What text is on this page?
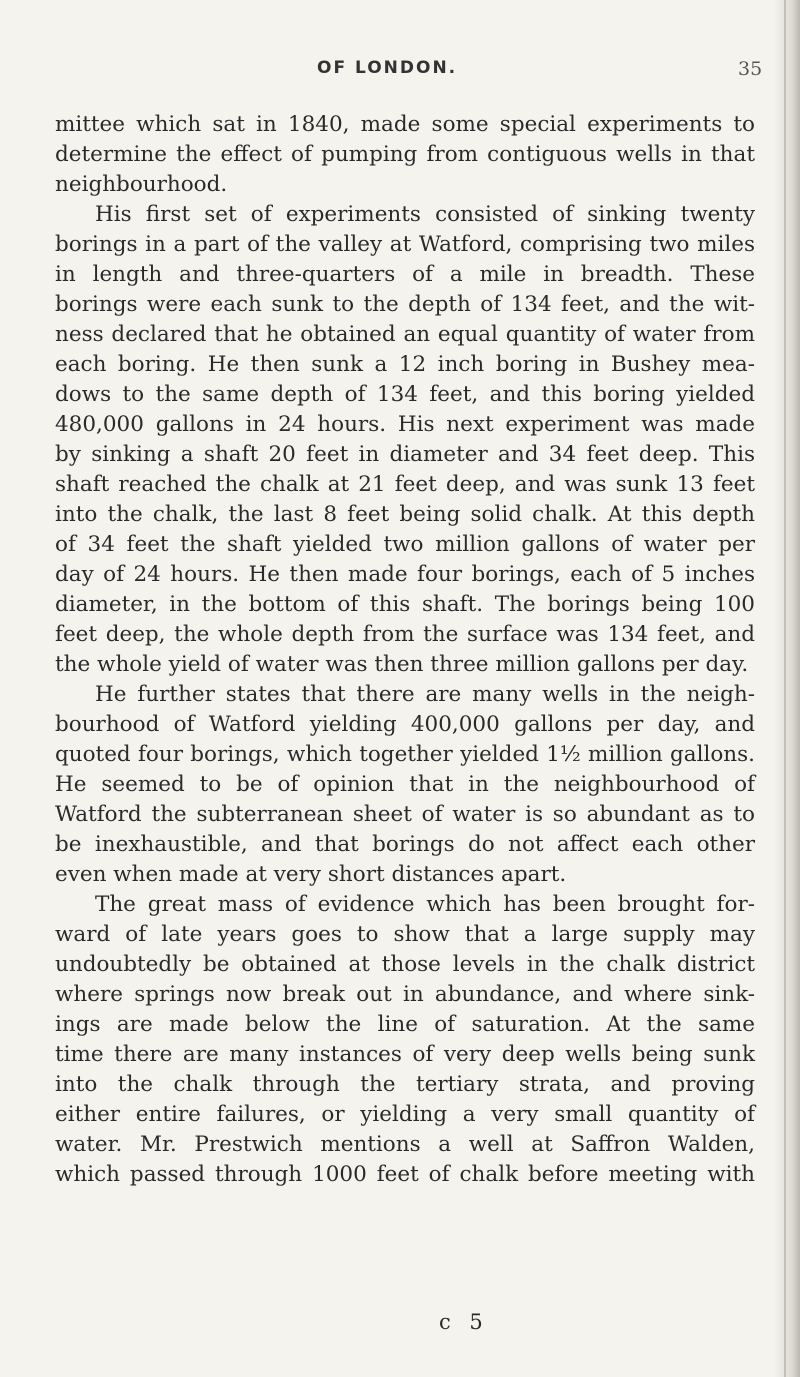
OF LONDON.	35
mittee which sat in 1840, made some special experiments to
determine the effect of pumping from contiguous wells in that
neighbourhood.
His first set of experiments consisted of sinking twenty
borings in a part of the valley at Watford, comprising two miles
in length and three-quarters of a mile in breadth. These
borings were each sunk to the depth of 134 feet, and the wit-
ness declared that he obtained an equal quantity of water from
each boring. He then sunk a 12 inch boring in Bushey mea-
dows to the same depth of 134 feet, and this boring yielded
480,000 gallons in 24 hours. His next experiment was made
by sinking a shaft 20 feet in diameter and 34 feet deep. This
shaft reached the chalk at 21 feet deep, and was sunk 13 feet
into the chalk, the last 8 feet being solid chalk. At this depth
of 34 feet the shaft yielded two million gallons of water per
day of 24 hours. He then made four borings, each of 5 inches
diameter, in the bottom of this shaft. The borings being 100
feet deep, the whole depth from the surface was 134 feet, and
the whole yield of water was then three million gallons per day.
He further states that there are many wells in the neigh-
bourhood of Watford yielding 400,000 gallons per day, and
quoted four borings, which together yielded 1½ million gallons.
He seemed to be of opinion that in the neighbourhood of
Watford the subterranean sheet of water is so abundant as to
be inexhaustible, and that borings do not affect each other
even when made at very short distances apart.
The great mass of evidence which has been brought for-
ward of late years goes to show that a large supply may
undoubtedly be obtained at those levels in the chalk district
where springs now break out in abundance, and where sink-
ings are made below the line of saturation. At the same
time there are many instances of very deep wells being sunk
into the chalk through the tertiary strata, and proving
either entire failures, or yielding a very small quantity of
water. Mr. Prestwich mentions a well at Saffron Walden,
which passed through 1000 feet of chalk before meeting with
c 5
